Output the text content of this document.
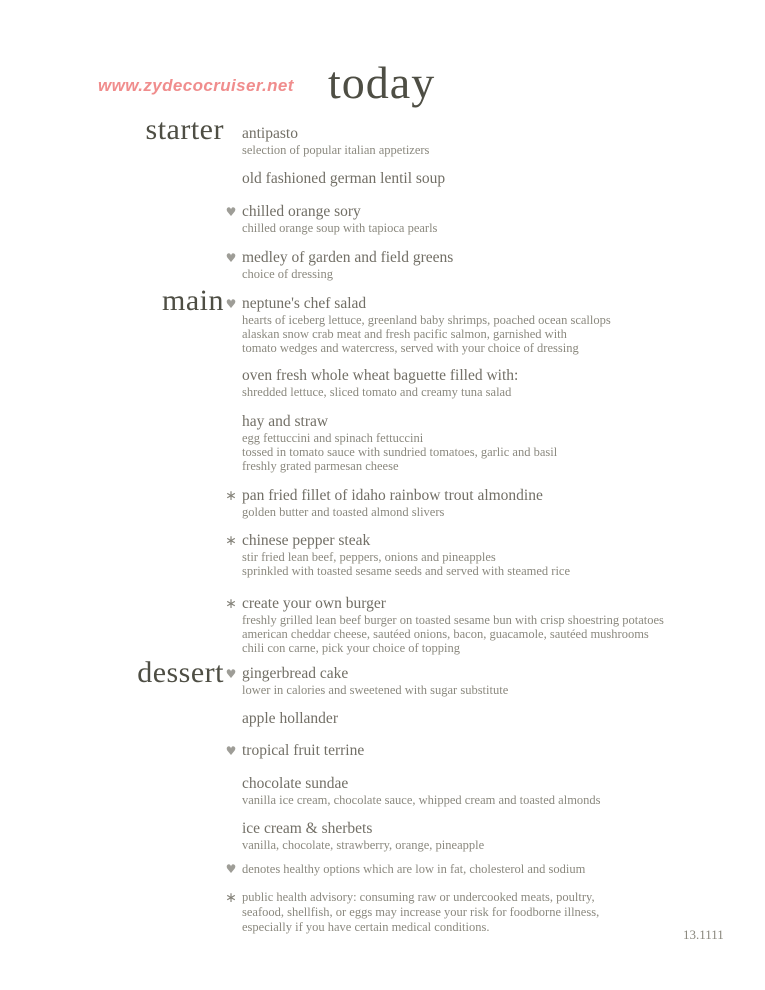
www.zydecocruiser.net today
starter
main
dessert
antipasto
selection of popular italian appetizers
old fashioned german lentil soup
♥ chilled orange sory
chilled orange soup with tapioca pearls
♥ medley of garden and field greens
choice of dressing
♥ neptune's chef salad
hearts of iceberg lettuce, greenland baby shrimps, poached ocean scallops
alaskan snow crab meat and fresh pacific salmon, garnished with
tomato wedges and watercress, served with your choice of dressing
oven fresh whole wheat baguette filled with:
shredded lettuce, sliced tomato and creamy tuna salad
hay and straw
egg fettuccini and spinach fettuccini
tossed in tomato sauce with sundried tomatoes, garlic and basil
freshly grated parmesan cheese
∗ pan fried fillet of idaho rainbow trout almondine
golden butter and toasted almond slivers
∗ chinese pepper steak
stir fried lean beef, peppers, onions and pineapples
sprinkled with toasted sesame seeds and served with steamed rice
∗ create your own burger
freshly grilled lean beef burger on toasted sesame bun with crisp shoestring potatoes
american cheddar cheese, sautéed onions, bacon, guacamole, sautéed mushrooms
chili con carne, pick your choice of topping
♥ gingerbread cake
lower in calories and sweetened with sugar substitute
apple hollander
♥ tropical fruit terrine
chocolate sundae
vanilla ice cream, chocolate sauce, whipped cream and toasted almonds
ice cream & sherbets
vanilla, chocolate, strawberry, orange, pineapple
♥ denotes healthy options which are low in fat, cholesterol and sodium
∗ public health advisory: consuming raw or undercooked meats, poultry,
seafood, shellfish, or eggs may increase your risk for foodborne illness,
especially if you have certain medical conditions.	13.1111
